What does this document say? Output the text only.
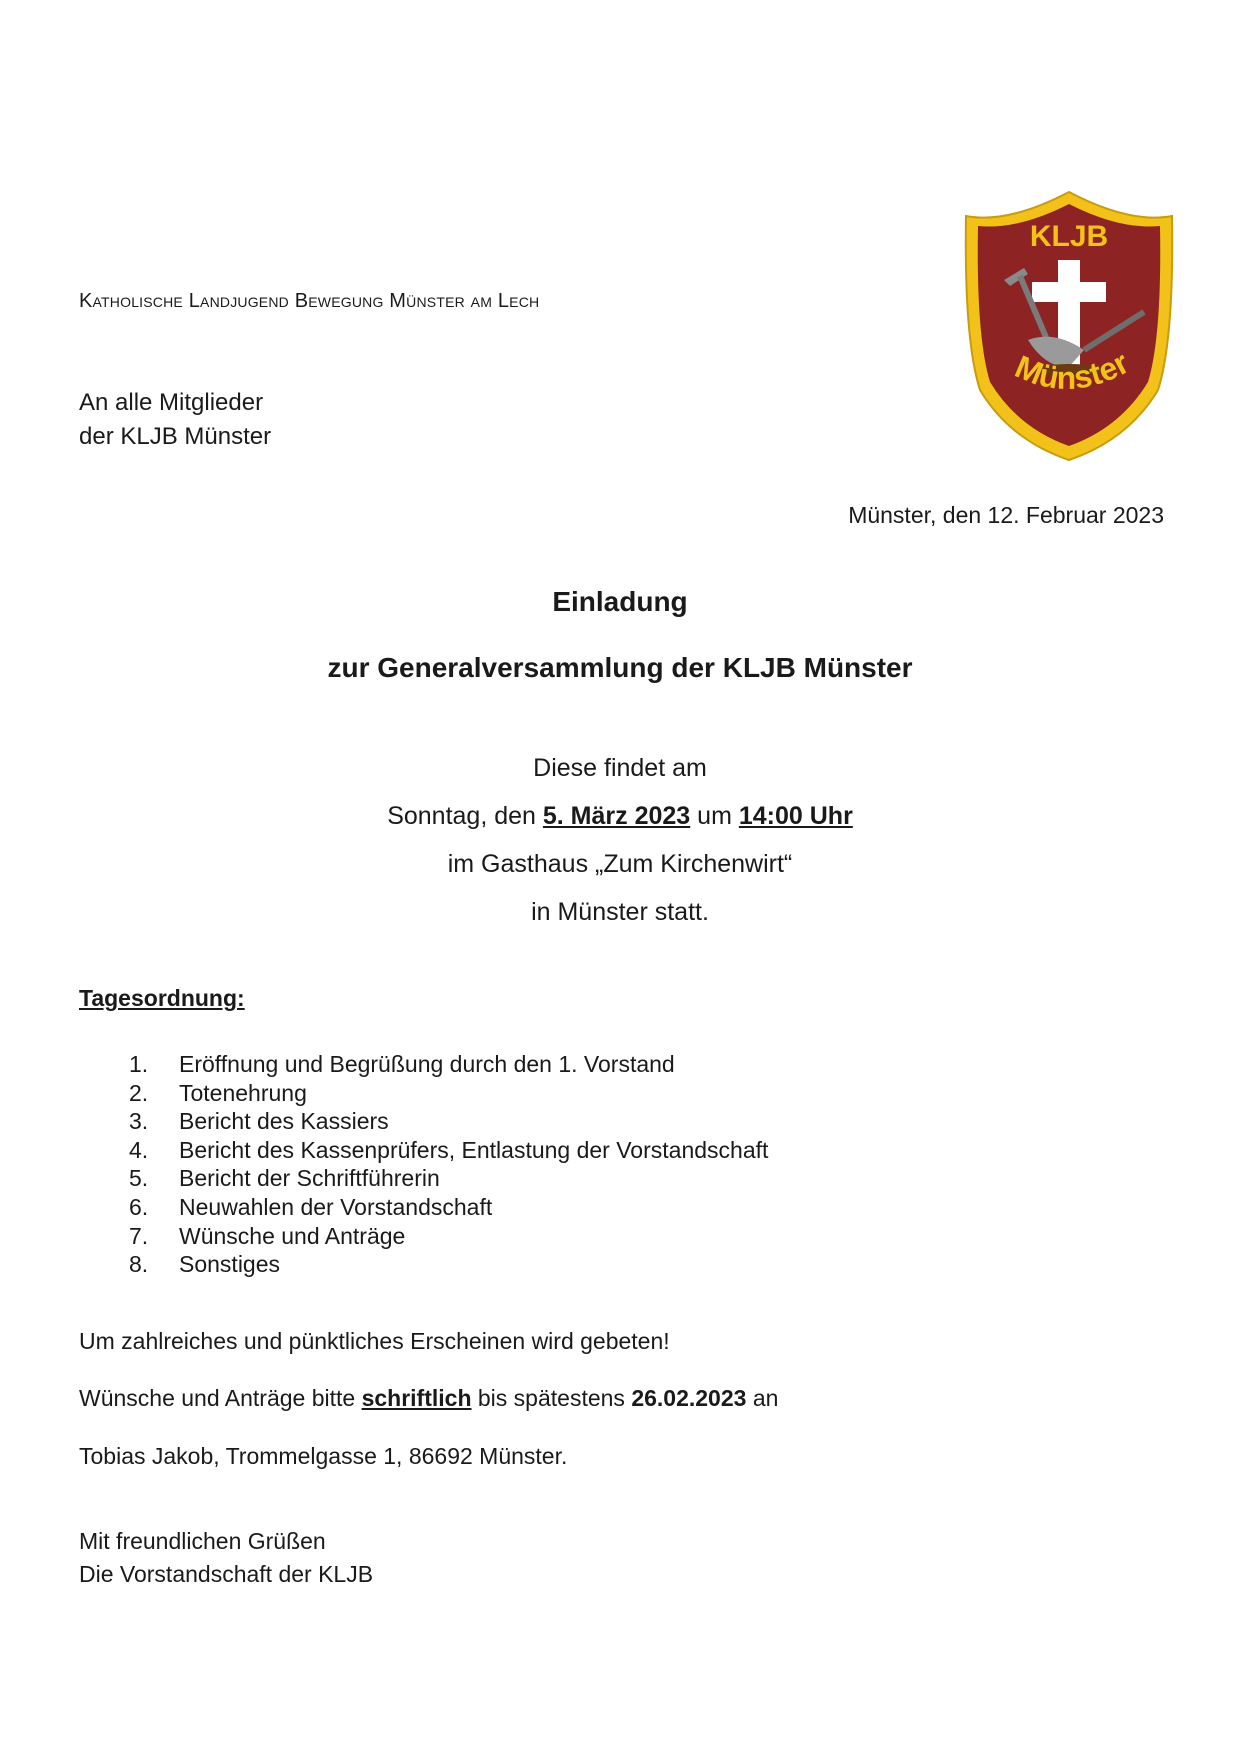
Katholische Landjugend Bewegung Münster am Lech
KLJB
Münster
An alle Mitglieder
der KLJB Münster
Münster, den 12. Februar 2023
Einladung
zur Generalversammlung der KLJB Münster
Diese findet am
Sonntag, den 5. März 2023 um 14:00 Uhr
im Gasthaus „Zum Kirchenwirt“
in Münster statt.
Tagesordnung:
1.	Eröffnung und Begrüßung durch den 1. Vorstand
2.	Totenehrung
3.	Bericht des Kassiers
4.	Bericht des Kassenprüfers, Entlastung der Vorstandschaft
5.	Bericht der Schriftführerin
6.	Neuwahlen der Vorstandschaft
7.	Wünsche und Anträge
8.	Sonstiges
Um zahlreiches und pünktliches Erscheinen wird gebeten!
Wünsche und Anträge bitte schriftlich bis spätestens 26.02.2023 an
Tobias Jakob, Trommelgasse 1, 86692 Münster.
Mit freundlichen Grüßen
Die Vorstandschaft der KLJB
